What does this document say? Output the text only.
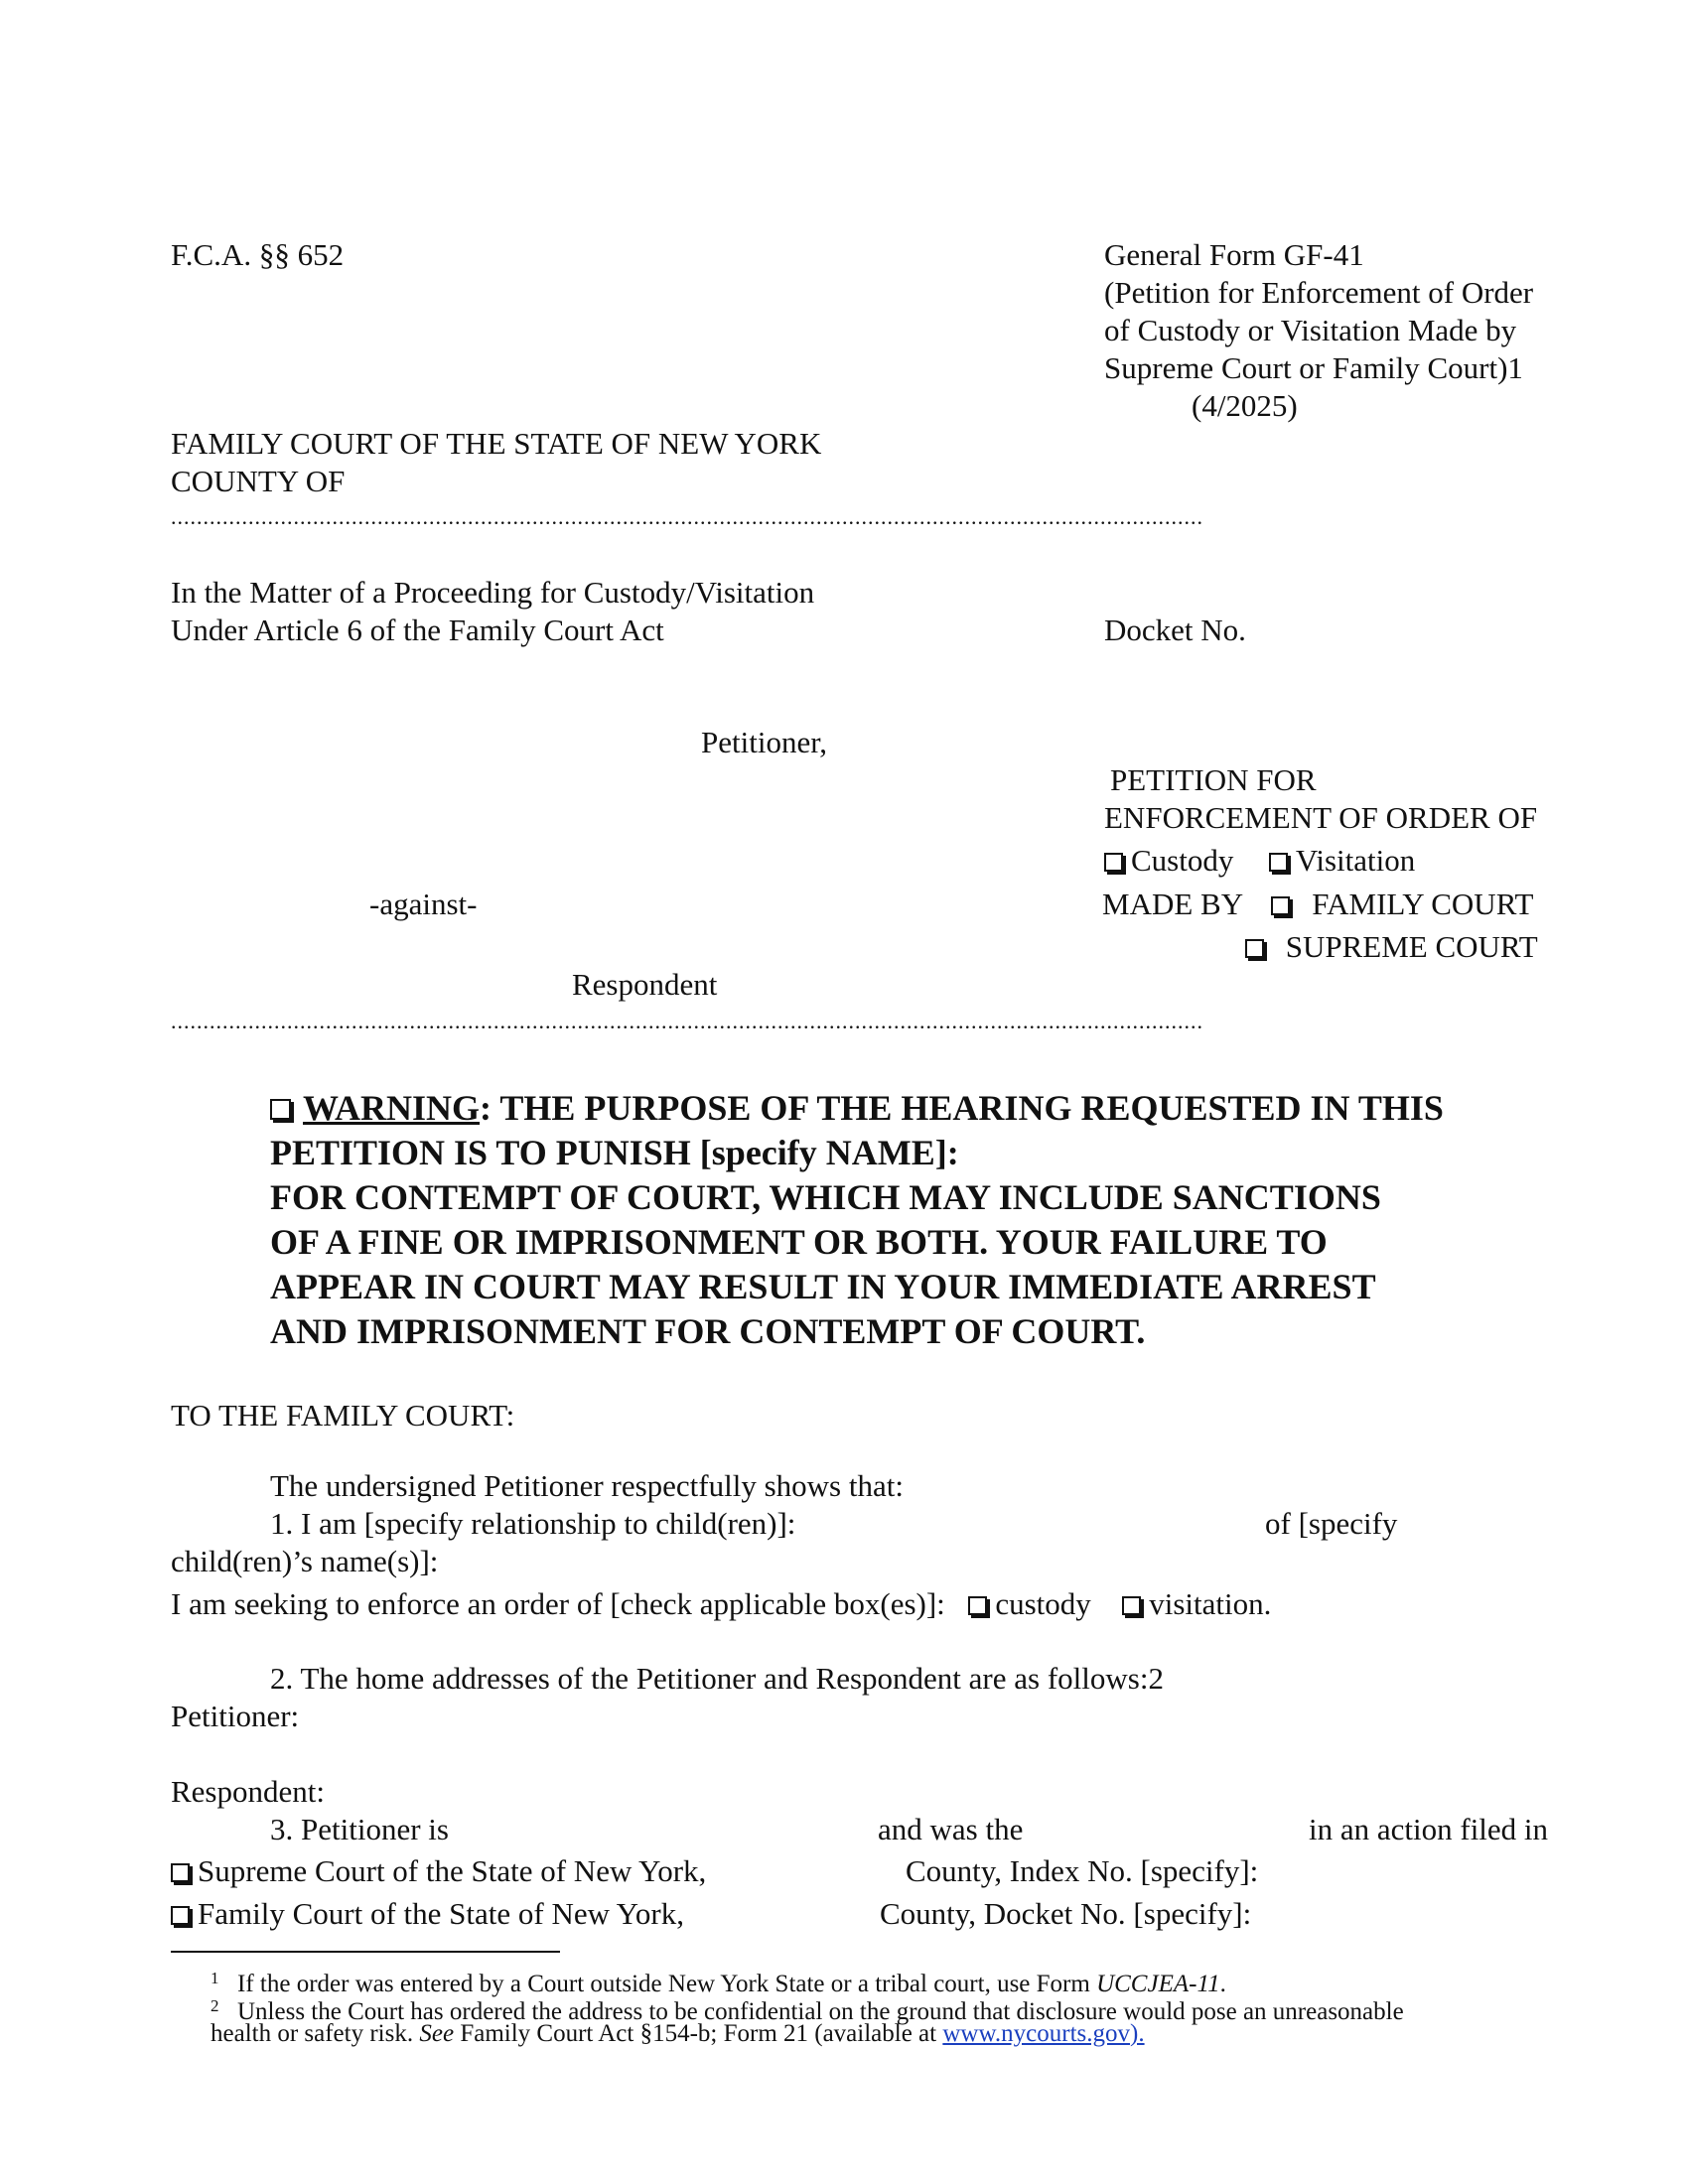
F.C.A. §§ 652	General Form GF-41
(Petition for Enforcement of Order
of Custody or Visitation Made by
Supreme Court or Family Court)1
(4/2025)
FAMILY COURT OF THE STATE OF NEW YORK
COUNTY OF
................................................................................................................................................................
In the Matter of a Proceeding for Custody/Visitation
Under Article 6 of the Family Court Act	Docket No.
Petitioner,
PETITION FOR
ENFORCEMENT OF ORDER OF
Custody Visitation
-against-	MADE BY FAMILY COURT
SUPREME COURT
Respondent
................................................................................................................................................................
WARNING: THE PURPOSE OF THE HEARING REQUESTED IN THIS
PETITION IS TO PUNISH [specify NAME]:
FOR CONTEMPT OF COURT, WHICH MAY INCLUDE SANCTIONS
OF A FINE OR IMPRISONMENT OR BOTH. YOUR FAILURE TO
APPEAR IN COURT MAY RESULT IN YOUR IMMEDIATE ARREST
AND IMPRISONMENT FOR CONTEMPT OF COURT.
TO THE FAMILY COURT:
The undersigned Petitioner respectfully shows that:
1. I am [specify relationship to child(ren)]:	of [specify
child(ren)’s name(s)]:
I am seeking to enforce an order of [check applicable box(es)]: custody visitation.
2. The home addresses of the Petitioner and Respondent are as follows:2
Petitioner:
Respondent:
3. Petitioner is	and was the	in an action filed in
Supreme Court of the State of New York,	County, Index No. [specify]:
Family Court of the State of New York,	County, Docket No. [specify]:
$^1$ If the order was entered by a Court outside New York State or a tribal court, use Form UCCJEA-11.
$^2$ Unless the Court has ordered the address to be confidential on the ground that disclosure would pose an unreasonable
health or safety risk. See Family Court Act §154-b; Form 21 (available at www.nycourts.gov).
